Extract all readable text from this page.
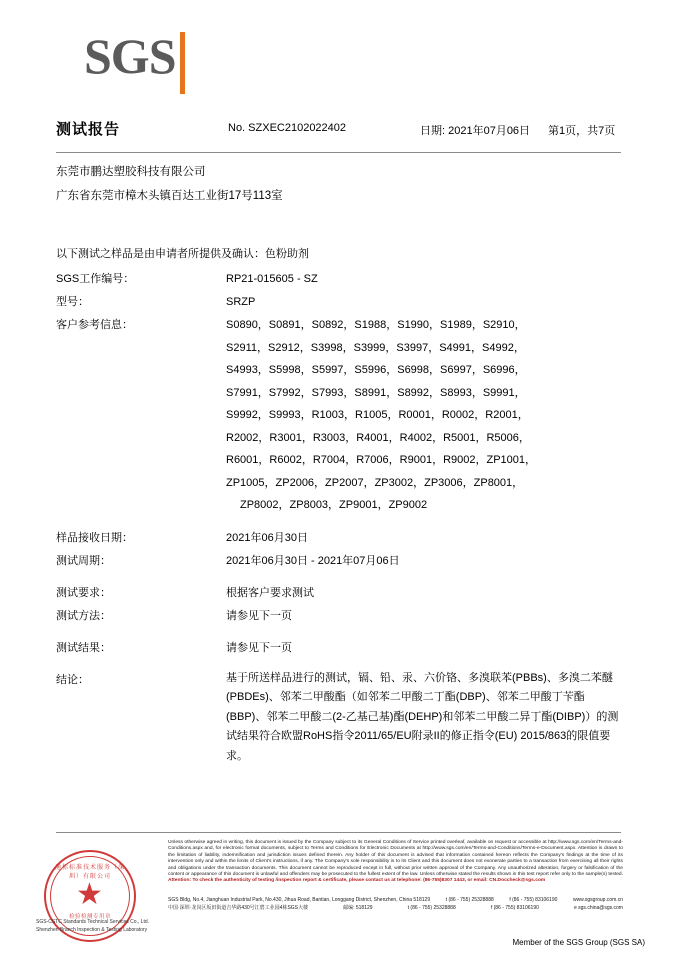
SGS
测试报告	No. SZXEC2102022402	日期: 2021年07月06日 第1页，共7页
东莞市鹏达塑胶科技有限公司
广东省东莞市樟木头镇百达工业街17号113室
以下测试之样品是由申请者所提供及确认：色粉助剂
SGS工作编号：	RP21-015605 - SZ
型号：	SRZP
客户参考信息：	S0890，S0891，S0892，S1988，S1990，S1989，S2910，
S2911，S2912，S3998，S3999，S3997，S4991，S4992，
S4993，S5998，S5997，S5996，S6998，S6997，S6996，
S7991，S7992，S7993，S8991，S8992，S8993，S9991，
S9992，S9993，R1003，R1005，R0001，R0002，R2001，
R2002，R3001，R3003，R4001，R4002，R5001，R5006，
R6001，R6002，R7004，R7006，R9001，R9002，ZP1001，
ZP1005，ZP2006，ZP2007，ZP3002，ZP3006，ZP8001，
ZP8002，ZP8003，ZP9001，ZP9002
样品接收日期：	2021年06月30日
测试周期：	2021年06月30日 - 2021年07月06日
测试要求：	根据客户要求测试
测试方法：	请参见下一页
测试结果：	请参见下一页
结论：	基于所送样品进行的测试，镉、铅、汞、六价铬、多溴联苯(PBBs)、多溴二苯醚(PBDEs)、邻苯二甲酸酯（如邻苯二甲酸二丁酯(DBP)、邻苯二甲酸丁苄酯(BBP)、邻苯二甲酸二(2-乙基己基)酯(DEHP)和邻苯二甲酸二异丁酯(DIBP)）的测试结果符合欧盟RoHS指令2011/65/EU附录II的修正指令(EU) 2015/863的限值要求。
通标标准技术服务（深圳）有限公司
★
检验检测专用章
SGS-CSTC Standards Technical Services Co., Ltd.
Shenzhen Branch Inspection & Testing Laboratory
Unless otherwise agreed in writing, this document is issued by the Company subject to its General Conditions of Service printed overleaf, available on request or accessible at http://www.sgs.com/en/Terms-and-Conditions.aspx and, for electronic format documents, subject to Terms and Conditions for Electronic Documents at http://www.sgs.com/en/Terms-and-Conditions/Terms-e-Document.aspx. Attention is drawn to the limitation of liability, indemnification and jurisdiction issues defined therein. Any holder of this document is advised that information contained hereon reflects the Company's findings at the time of its intervention only and within the limits of Client's instructions, if any. The Company's sole responsibility is to its Client and this document does not exonerate parties to a transaction from exercising all their rights and obligations under the transaction documents. This document cannot be reproduced except in full, without prior written approval of the Company. Any unauthorized alteration, forgery or falsification of the content or appearance of this document is unlawful and offenders may be prosecuted to the fullest extent of the law. Unless otherwise stated the results shown in this test report refer only to the sample(s) tested. Attention: To check the authenticity of testing /inspection report & certificate, please contact us at telephone: (86-755)8307 1443, or email: CN.Doccheck@sgs.com
SGS Bldg, No.4, Jianghuan Industrial Park, No.430, Jihua Road, Bantian, Longgang District, Shenzhen, China 518129	t (86 - 755) 25328888	f (86 - 755) 83106190	www.sgsgroup.com.cn
中国·深圳·龙岗区坂田街道吉华路430号江碧工业园4栋SGS大楼	邮编: 518129	t (86 - 755) 25328888	f (86 - 755) 83106190	e sgs.china@sgs.com
Member of the SGS Group (SGS SA)
